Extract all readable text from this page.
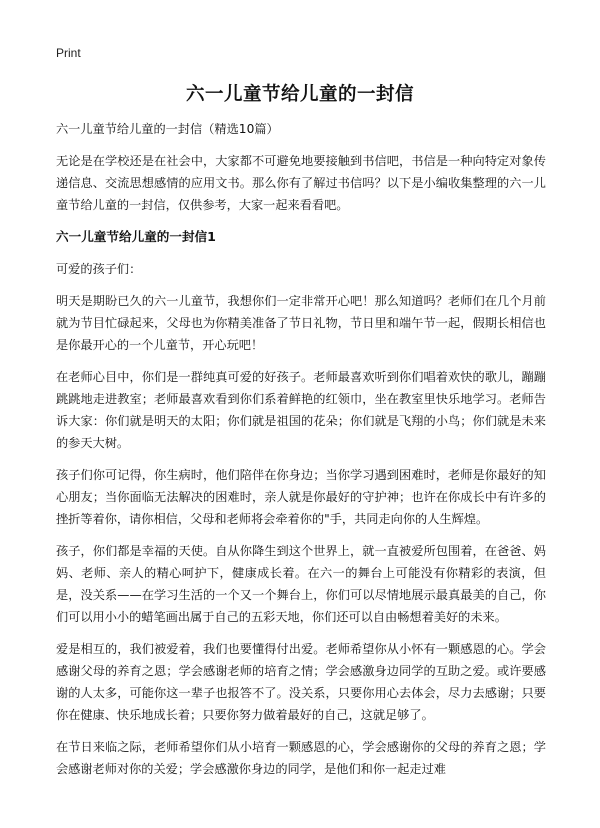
Print
六一儿童节给儿童的一封信
六一儿童节给儿童的一封信（精选10篇）
无论是在学校还是在社会中，大家都不可避免地要接触到书信吧，书信是一种向特定对象传递信息、交流思想感情的应用文书。那么你有了解过书信吗？以下是小编收集整理的六一儿童节给儿童的一封信，仅供参考，大家一起来看看吧。
六一儿童节给儿童的一封信1
可爱的孩子们：
明天是期盼已久的六一儿童节，我想你们一定非常开心吧！那么知道吗？老师们在几个月前就为节目忙碌起来，父母也为你精美准备了节日礼物，节日里和端午节一起，假期长相信也是你最开心的一个儿童节，开心玩吧！
在老师心目中，你们是一群纯真可爱的好孩子。老师最喜欢听到你们唱着欢快的歌儿，蹦蹦跳跳地走进教室；老师最喜欢看到你们系着鲜艳的红领巾，坐在教室里快乐地学习。老师告诉大家：你们就是明天的太阳；你们就是祖国的花朵；你们就是飞翔的小鸟；你们就是未来的参天大树。
孩子们你可记得，你生病时，他们陪伴在你身边；当你学习遇到困难时，老师是你最好的知心朋友；当你面临无法解决的困难时，亲人就是你最好的守护神；也许在你成长中有许多的挫折等着你，请你相信，父母和老师将会牵着你的"手，共同走向你的人生辉煌。
孩子，你们都是幸福的天使。自从你降生到这个世界上，就一直被爱所包围着，在爸爸、妈妈、老师、亲人的精心呵护下，健康成长着。在六一的舞台上可能没有你精彩的表演，但是，没关系——在学习生活的一个又一个舞台上，你们可以尽情地展示最真最美的自己，你们可以用小小的蜡笔画出属于自己的五彩天地，你们还可以自由畅想着美好的未来。
爱是相互的，我们被爱着，我们也要懂得付出爱。老师希望你从小怀有一颗感恩的心。学会感谢父母的养育之恩；学会感谢老师的培育之情；学会感激身边同学的互助之爱。或许要感谢的人太多，可能你这一辈子也报答不了。没关系，只要你用心去体会，尽力去感谢；只要你在健康、快乐地成长着；只要你努力做着最好的自己，这就足够了。
在节日来临之际，老师希望你们从小培育一颗感恩的心，学会感谢你的父母的养育之恩；学会感谢老师对你的关爱；学会感激你身边的同学，是他们和你一起走过难
